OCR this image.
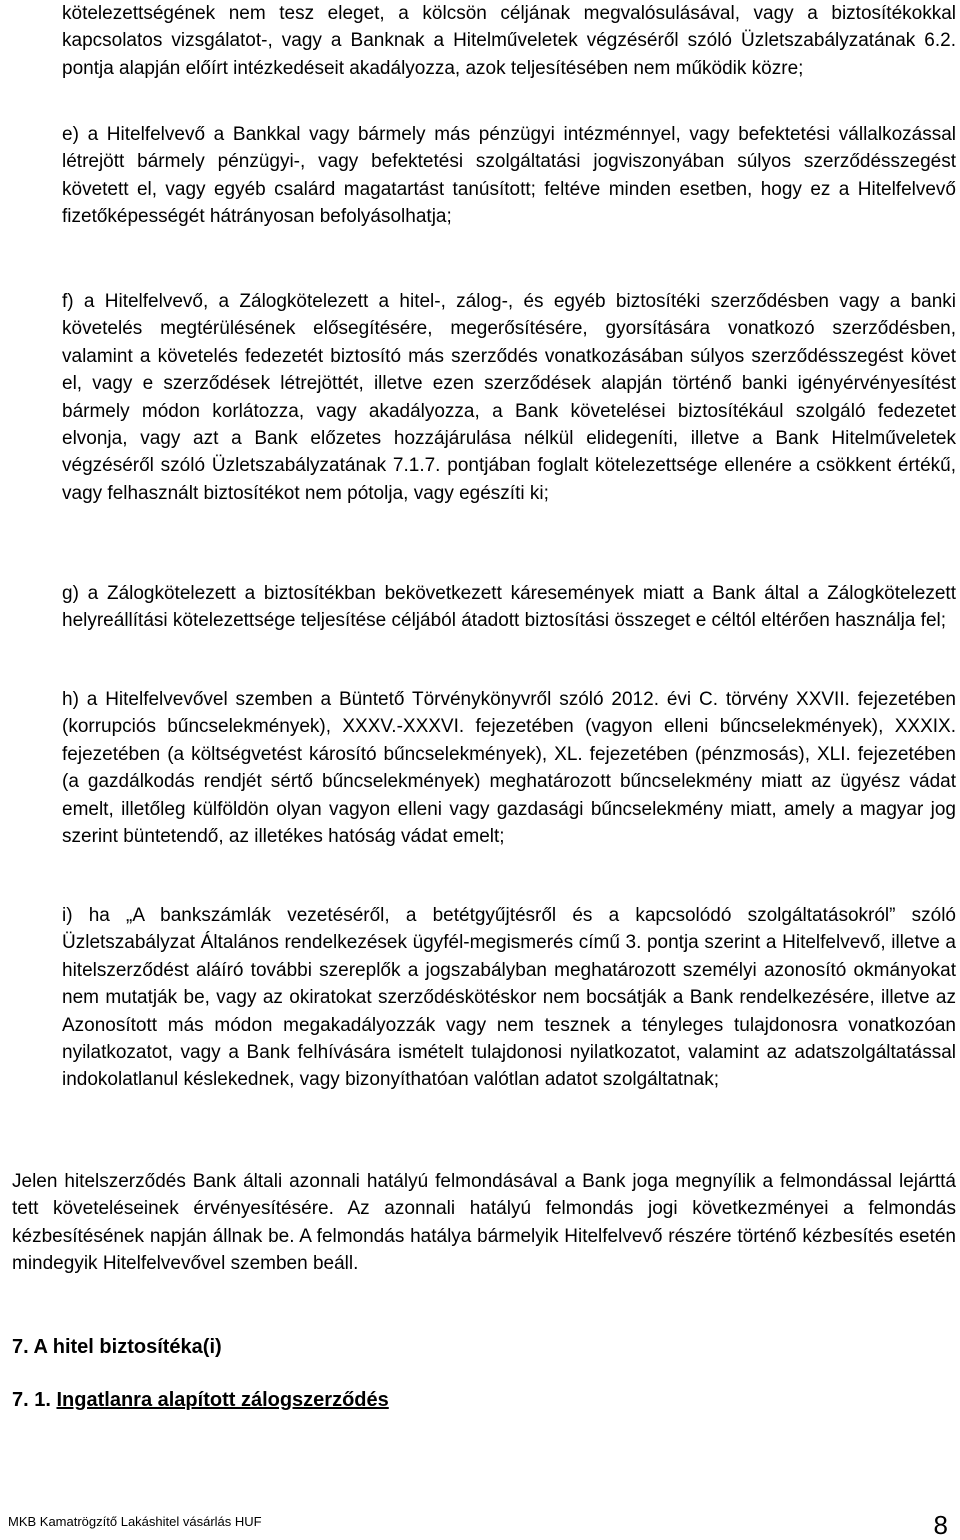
kötelezettségének nem tesz eleget, a kölcsön céljának megvalósulásával, vagy a biztosítékokkal kapcsolatos vizsgálatot-, vagy a Banknak a Hitelműveletek végzéséről szóló Üzletszabályzatának 6.2. pontja alapján előírt intézkedéseit akadályozza, azok teljesítésében nem működik közre;

e) a Hitelfelvevő a Bankkal vagy bármely más pénzügyi intézménnyel, vagy befektetési vállalkozással létrejött bármely pénzügyi-, vagy befektetési szolgáltatási jogviszonyában súlyos szerződésszegést követett el, vagy egyéb csalárd magatartást tanúsított; feltéve minden esetben, hogy ez a Hitelfelvevő fizetőképességét hátrányosan befolyásolhatja;

f) a Hitelfelvevő, a Zálogkötelezett a hitel-, zálog-, és egyéb biztosítéki szerződésben vagy a banki követelés megtérülésének elősegítésére, megerősítésére, gyorsítására vonatkozó szerződésben, valamint a követelés fedezetét biztosító más szerződés vonatkozásában súlyos szerződésszegést követ el, vagy e szerződések létrejöttét, illetve ezen szerződések alapján történő banki igényérvényesítést bármely módon korlátozza, vagy akadályozza, a Bank követelései biztosítékául szolgáló fedezetet elvonja, vagy azt a Bank előzetes hozzájárulása nélkül elidegeníti, illetve a Bank Hitelműveletek végzéséről szóló Üzletszabályzatának 7.1.7. pontjában foglalt kötelezettsége ellenére a csökkent értékű, vagy felhasznált biztosítékot nem pótolja, vagy egészíti ki;

g) a Zálogkötelezett a biztosítékban bekövetkezett káresemények miatt a Bank által a Zálogkötelezett helyreállítási kötelezettsége teljesítése céljából átadott biztosítási összeget e céltól eltérően használja fel;

h) a Hitelfelvevővel szemben a Büntető Törvénykönyvről szóló 2012. évi C. törvény XXVII. fejezetében (korrupciós bűncselekmények), XXXV.-XXXVI. fejezetében (vagyon elleni bűncselekmények), XXXIX. fejezetében (a költségvetést károsító bűncselekmények), XL. fejezetében (pénzmosás), XLI. fejezetében (a gazdálkodás rendjét sértő bűncselekmények) meghatározott bűncselekmény miatt az ügyész vádat emelt, illetőleg külföldön olyan vagyon elleni vagy gazdasági bűncselekmény miatt, amely a magyar jog szerint büntetendő, az illetékes hatóság vádat emelt;

i) ha „A bankszámlák vezetéséről, a betétgyűjtésről és a kapcsolódó szolgáltatásokról” szóló Üzletszabályzat Általános rendelkezések ügyfél-megismerés című 3. pontja szerint a Hitelfelvevő, illetve a hitelszerződést aláíró további szereplők a jogszabályban meghatározott személyi azonosító okmányokat nem mutatják be, vagy az okiratokat szerződéskötéskor nem bocsátják a Bank rendelkezésére, illetve az Azonosított más módon megakadályozzák vagy nem tesznek a tényleges tulajdonosra vonatkozóan nyilatkozatot, vagy a Bank felhívására ismételt tulajdonosi nyilatkozatot, valamint az adatszolgáltatással indokolatlanul késlekednek, vagy bizonyíthatóan valótlan adatot szolgáltatnak;

Jelen hitelszerződés Bank általi azonnali hatályú felmondásával a Bank joga megnyílik a felmondással lejárttá tett követeléseinek érvényesítésére. Az azonnali hatályú felmondás jogi következményei a felmondás kézbesítésének napján állnak be. A felmondás hatálya bármelyik Hitelfelvevő részére történő kézbesítés esetén mindegyik Hitelfelvevővel szemben beáll.

7. A hitel biztosítéka(i)

7. 1. Ingatlanra alapított zálogszerződés

MKB Kamatrögzítő Lakáshitel vásárlás HUF	8
